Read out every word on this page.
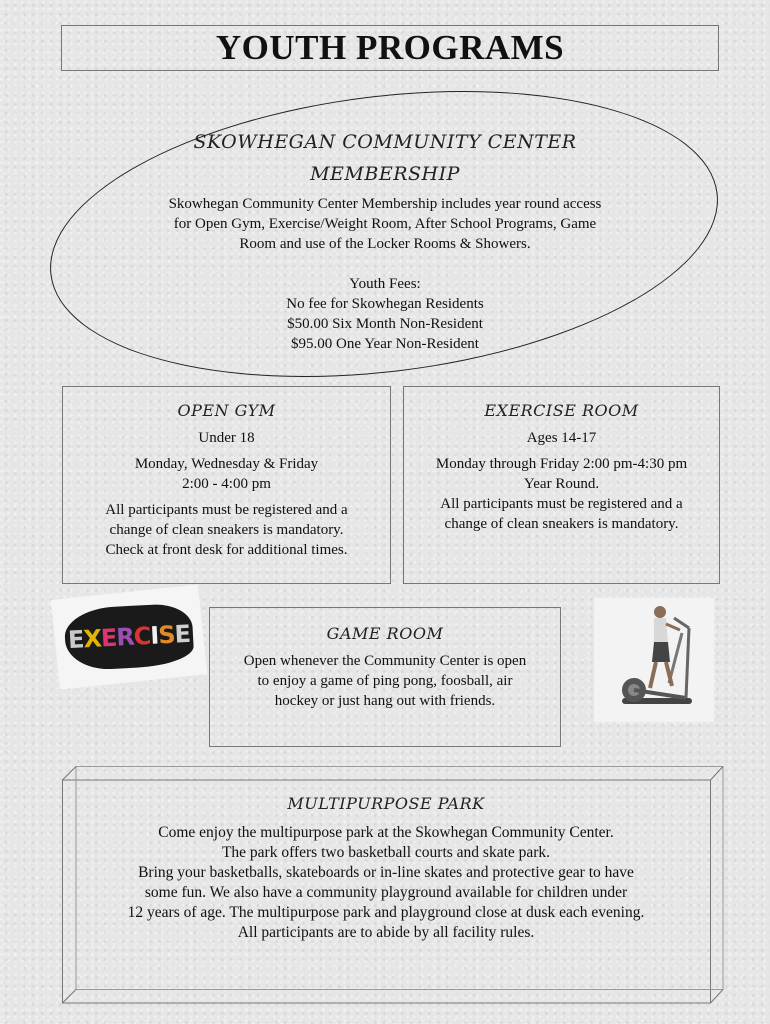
YOUTH PROGRAMS
SKOWHEGAN COMMUNITY CENTER
MEMBERSHIP

Skowhegan Community Center Membership includes year round access

for Open Gym, Exercise/Weight Room, After School Programs, Game

Room and use of the Locker Rooms & Showers.

Youth Fees:

No fee for Skowhegan Residents

$50.00 Six Month Non-Resident

$95.00 One Year Non-Resident

OPEN GYM

Under 18

Monday, Wednesday & Friday

2:00 - 4:00 pm

All participants must be registered and a

change of clean sneakers is mandatory.

Check at front desk for additional times.

EXERCISE ROOM

Ages 14-17

Monday through Friday 2:00 pm-4:30 pm

Year Round.

All participants must be registered and a

change of clean sneakers is mandatory.

EXERCISE	GAME ROOM

Open whenever the Community Center is open

to enjoy a game of ping pong, foosball, air

hockey or just hang out with friends.

MULTIPURPOSE PARK

Come enjoy the multipurpose park at the Skowhegan Community Center.

The park offers two basketball courts and skate park.

Bring your basketballs, skateboards or in-line skates and protective gear to have

some fun. We also have a community playground available for children under

12 years of age. The multipurpose park and playground close at dusk each evening.

All participants are to abide by all facility rules.
